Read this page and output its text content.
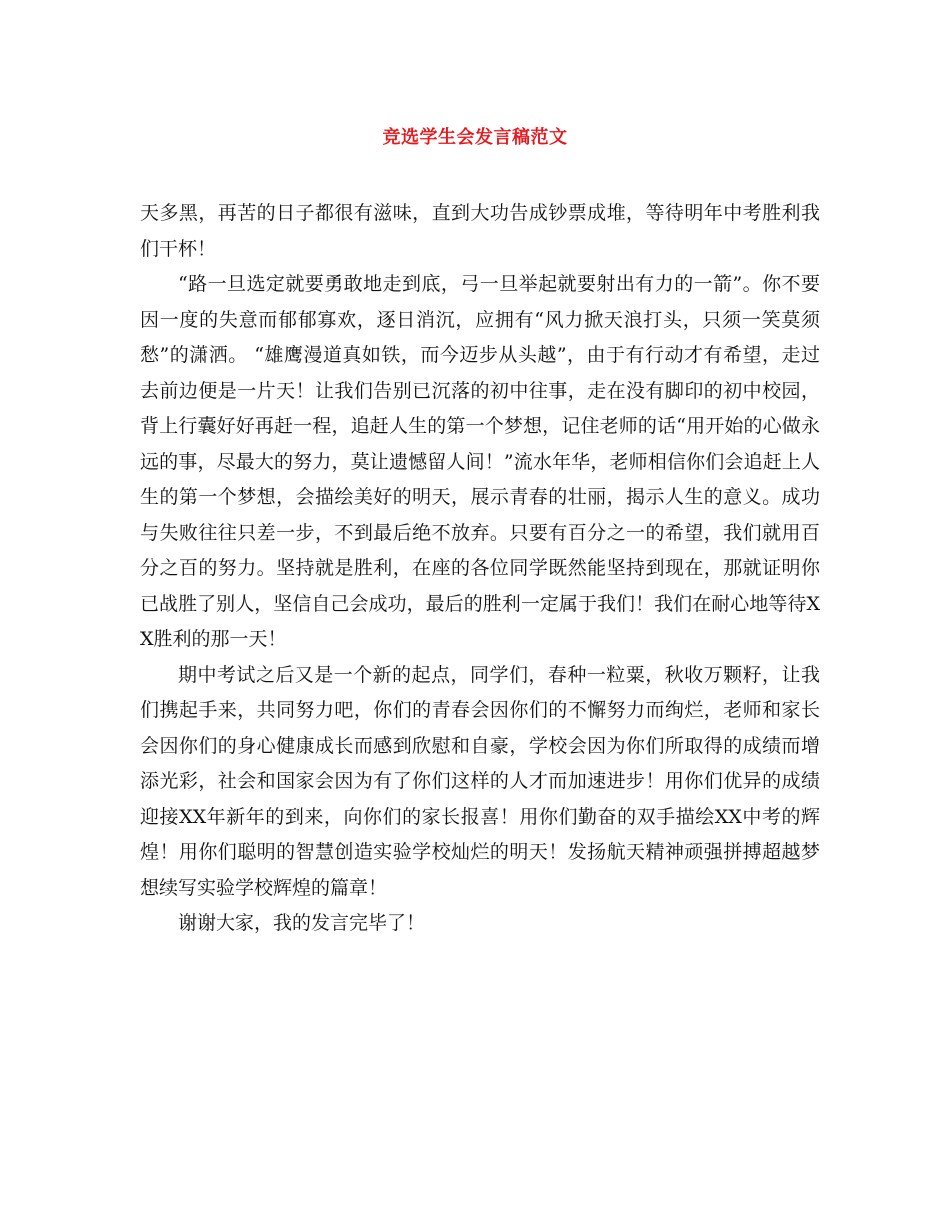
竞选学生会发言稿范文

天多黑，再苦的日子都很有滋味，直到大功告成钞票成堆，等待明年中考胜利我们干杯！

“路一旦选定就要勇敢地走到底，弓一旦举起就要射出有力的一箭”。你不要因一度的失意而郁郁寡欢，逐日消沉，应拥有“风力掀天浪打头，只须一笑莫须愁”的潇洒。 “雄鹰漫道真如铁，而今迈步从头越”，由于有行动才有希望，走过去前边便是一片天！让我们告别已沉落的初中往事，走在没有脚印的初中校园，背上行囊好好再赶一程，追赶人生的第一个梦想，记住老师的话“用开始的心做永远的事，尽最大的努力，莫让遗憾留人间！”流水年华，老师相信你们会追赶上人生的第一个梦想，会描绘美好的明天，展示青春的壮丽，揭示人生的意义。成功与失败往往只差一步，不到最后绝不放弃。只要有百分之一的希望，我们就用百分之百的努力。坚持就是胜利，在座的各位同学既然能坚持到现在，那就证明你已战胜了别人，坚信自己会成功，最后的胜利一定属于我们！我们在耐心地等待XX胜利的那一天！

期中考试之后又是一个新的起点，同学们，春种一粒粟，秋收万颗籽，让我们携起手来，共同努力吧，你们的青春会因你们的不懈努力而绚烂，老师和家长会因你们的身心健康成长而感到欣慰和自豪，学校会因为你们所取得的成绩而增添光彩，社会和国家会因为有了你们这样的人才而加速进步！用你们优异的成绩迎接XX年新年的到来，向你们的家长报喜！用你们勤奋的双手描绘XX中考的辉煌！用你们聪明的智慧创造实验学校灿烂的明天！发扬航天精神顽强拼搏超越梦想续写实验学校辉煌的篇章！

谢谢大家，我的发言完毕了！
